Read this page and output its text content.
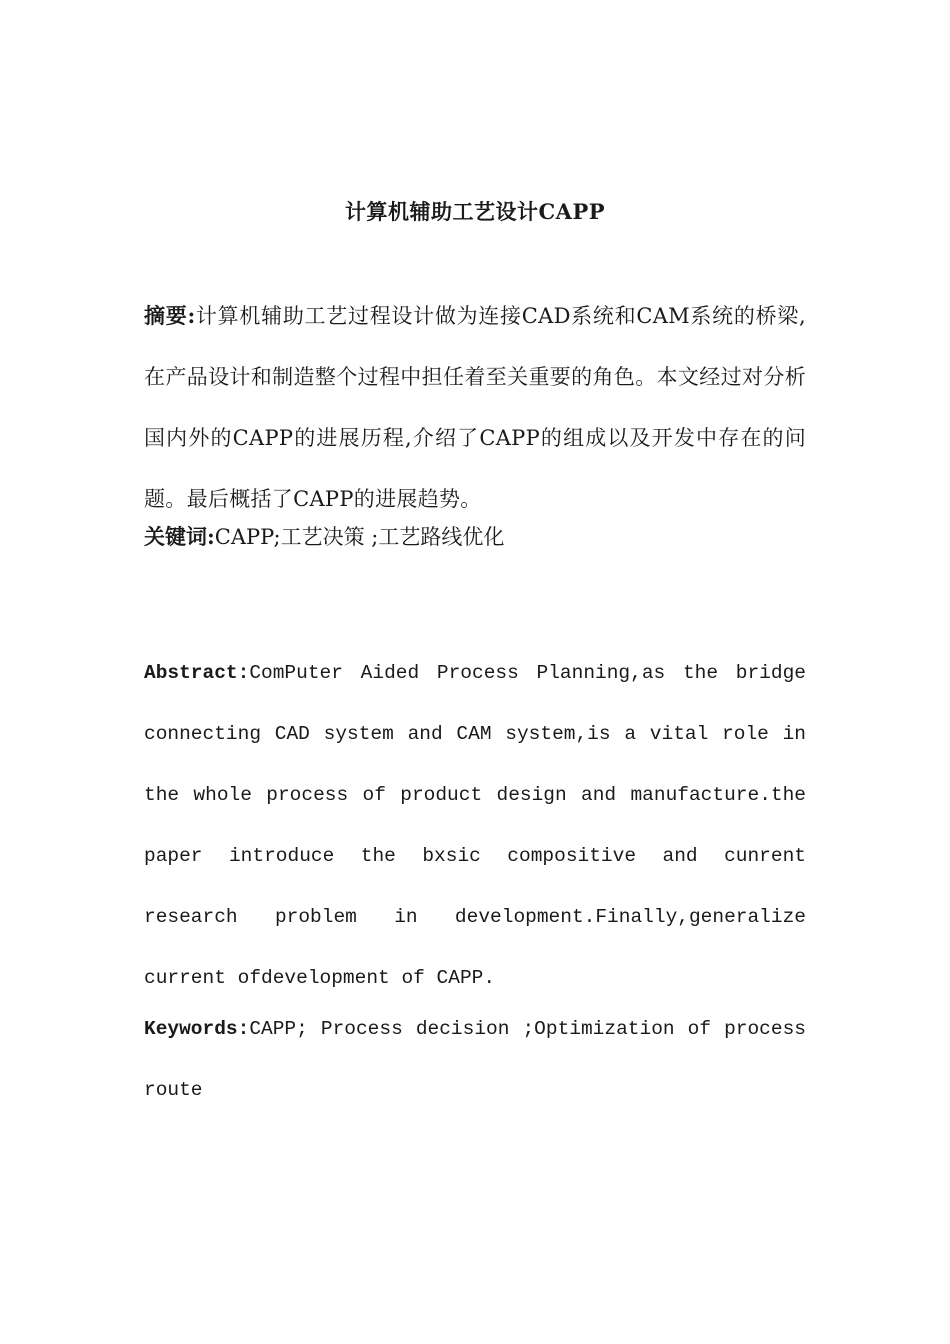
计算机辅助工艺设计CAPP
摘要:计算机辅助工艺过程设计做为连接CAD系统和CAM系统的桥梁,在产品设计和制造整个过程中担任着至关重要的角色。本文经过对分析国内外的CAPP的进展历程,介绍了CAPP的组成以及开发中存在的问题。最后概括了CAPP的进展趋势。
关键词:CAPP;工艺决策 ;工艺路线优化
Abstract:ComPuter Aided Process Planning,as the bridge connecting CAD system and CAM system,is a vital role in the whole process of product design and manufacture.the paper introduce the bxsic compositive and cunrent research problem in development.Finally,generalize current ofdevelopment of CAPP.
Keywords:CAPP; Process decision ;Optimization of process route
